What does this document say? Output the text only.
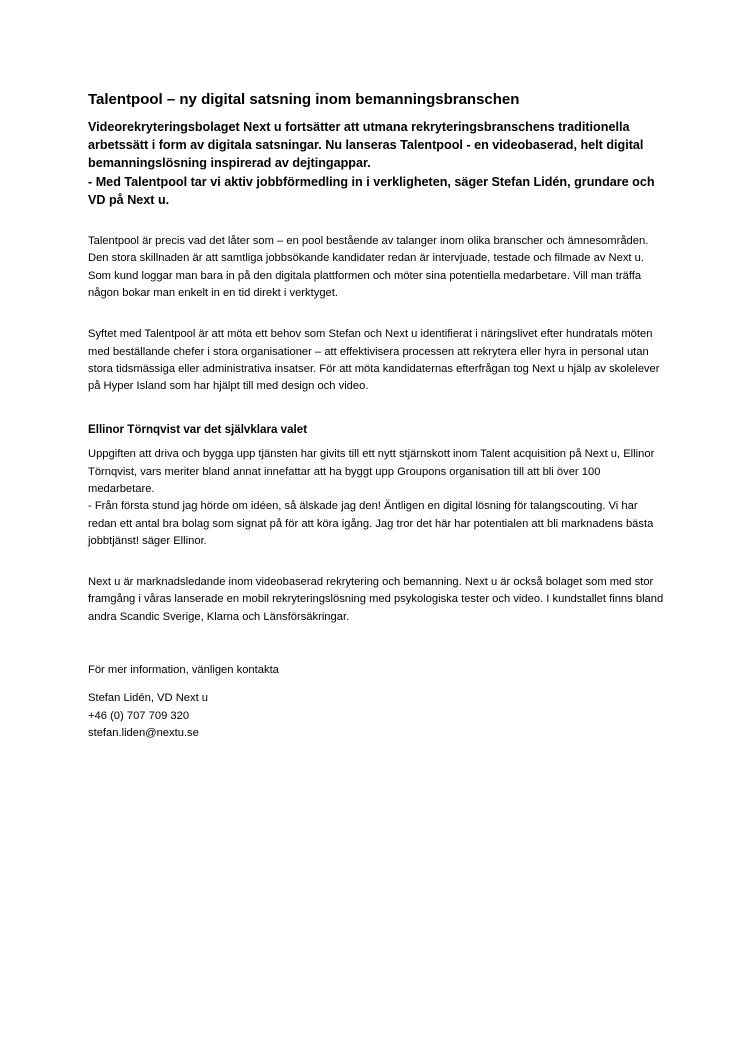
Talentpool – ny digital satsning inom bemanningsbranschen

Videorekryteringsbolaget Next u fortsätter att utmana rekryteringsbranschens traditionella arbetssätt i form av digitala satsningar. Nu lanseras Talentpool - en videobaserad, helt digital bemanningslösning inspirerad av dejtingappar.

- Med Talentpool tar vi aktiv jobbförmedling in i verkligheten, säger Stefan Lidén, grundare och VD på Next u.

Talentpool är precis vad det låter som – en pool bestående av talanger inom olika branscher och ämnesområden. Den stora skillnaden är att samtliga jobbsökande kandidater redan är intervjuade, testade och filmade av Next u. Som kund loggar man bara in på den digitala plattformen och möter sina potentiella medarbetare. Vill man träffa någon bokar man enkelt in en tid direkt i verktyget.

Syftet med Talentpool är att möta ett behov som Stefan och Next u identifierat i näringslivet efter hundratals möten med beställande chefer i stora organisationer – att effektivisera processen att rekrytera eller hyra in personal utan stora tidsmässiga eller administrativa insatser. För att möta kandidaternas efterfrågan tog Next u hjälp av skolelever på Hyper Island som har hjälpt till med design och video.

Ellinor Törnqvist var det självklara valet

Uppgiften att driva och bygga upp tjänsten har givits till ett nytt stjärnskott inom Talent acquisition på Next u, Ellinor Törnqvist, vars meriter bland annat innefattar att ha byggt upp Groupons organisation till att bli över 100 medarbetare.

- Från första stund jag hörde om idéen, så älskade jag den! Äntligen en digital lösning för talangscouting. Vi har redan ett antal bra bolag som signat på för att köra igång. Jag tror det här har potentialen att bli marknadens bästa jobbtjänst! säger Ellinor.

Next u är marknadsledande inom videobaserad rekrytering och bemanning. Next u är också bolaget som med stor framgång i våras lanserade en mobil rekryteringslösning med psykologiska tester och video. I kundstallet finns bland andra Scandic Sverige, Klarna och Länsförsäkringar.

För mer information, vänligen kontakta

Stefan Lidén, VD Next u

+46 (0) 707 709 320

stefan.liden@nextu.se
